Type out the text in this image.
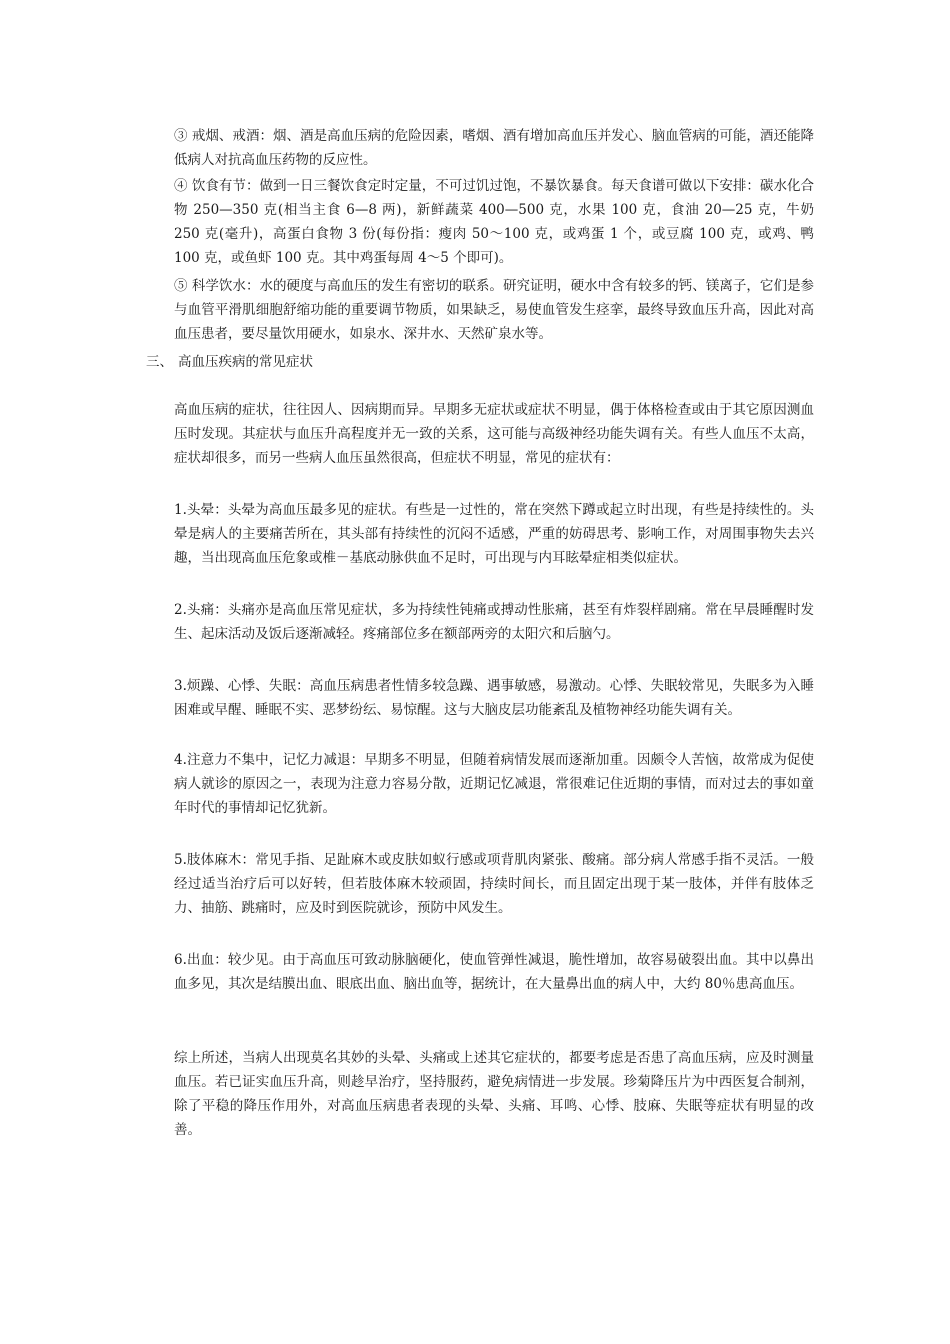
③ 戒烟、戒酒：烟、酒是高血压病的危险因素，嗜烟、酒有增加高血压并发心、脑血管病的可能，酒还能降低病人对抗高血压药物的反应性。

④ 饮食有节：做到一日三餐饮食定时定量，不可过饥过饱，不暴饮暴食。每天食谱可做以下安排：碳水化合物 250—350 克(相当主食 6—8 两)，新鲜蔬菜 400—500 克，水果 100 克，食油 20—25 克，牛奶 250 克(毫升)，高蛋白食物 3 份(每份指：瘦肉 50～100 克，或鸡蛋 1 个，或豆腐 100 克，或鸡、鸭 100 克，或鱼虾 100 克。其中鸡蛋每周 4～5 个即可)。

⑤ 科学饮水：水的硬度与高血压的发生有密切的联系。研究证明，硬水中含有较多的钙、镁离子，它们是参与血管平滑肌细胞舒缩功能的重要调节物质，如果缺乏，易使血管发生痉挛，最终导致血压升高，因此对高血压患者，要尽量饮用硬水，如泉水、深井水、天然矿泉水等。

三、 高血压疾病的常见症状

高血压病的症状，往往因人、因病期而异。早期多无症状或症状不明显，偶于体格检查或由于其它原因测血压时发现。其症状与血压升高程度并无一致的关系，这可能与高级神经功能失调有关。有些人血压不太高，症状却很多，而另一些病人血压虽然很高，但症状不明显，常见的症状有：

1.头晕：头晕为高血压最多见的症状。有些是一过性的，常在突然下蹲或起立时出现，有些是持续性的。头晕是病人的主要痛苦所在，其头部有持续性的沉闷不适感，严重的妨碍思考、影响工作，对周围事物失去兴趣，当出现高血压危象或椎－基底动脉供血不足时，可出现与内耳眩晕症相类似症状。

2.头痛：头痛亦是高血压常见症状，多为持续性钝痛或搏动性胀痛，甚至有炸裂样剧痛。常在早晨睡醒时发生、起床活动及饭后逐渐减轻。疼痛部位多在额部两旁的太阳穴和后脑勺。

3.烦躁、心悸、失眠：高血压病患者性情多较急躁、遇事敏感，易激动。心悸、失眠较常见，失眠多为入睡困难或早醒、睡眠不实、恶梦纷纭、易惊醒。这与大脑皮层功能紊乱及植物神经功能失调有关。

4.注意力不集中，记忆力减退：早期多不明显，但随着病情发展而逐渐加重。因颇令人苦恼，故常成为促使病人就诊的原因之一，表现为注意力容易分散，近期记忆减退，常很难记住近期的事情，而对过去的事如童年时代的事情却记忆犹新。

5.肢体麻木：常见手指、足趾麻木或皮肤如蚁行感或项背肌肉紧张、酸痛。部分病人常感手指不灵活。一般经过适当治疗后可以好转，但若肢体麻木较顽固，持续时间长，而且固定出现于某一肢体，并伴有肢体乏力、抽筋、跳痛时，应及时到医院就诊，预防中风发生。

6.出血：较少见。由于高血压可致动脉脑硬化，使血管弹性减退，脆性增加，故容易破裂出血。其中以鼻出血多见，其次是结膜出血、眼底出血、脑出血等，据统计，在大量鼻出血的病人中，大约 80％患高血压。

综上所述，当病人出现莫名其妙的头晕、头痛或上述其它症状的，都要考虑是否患了高血压病，应及时测量血压。若已证实血压升高，则趁早治疗，坚持服药，避免病情进一步发展。珍菊降压片为中西医复合制剂，除了平稳的降压作用外，对高血压病患者表现的头晕、头痛、耳鸣、心悸、肢麻、失眠等症状有明显的改善。
